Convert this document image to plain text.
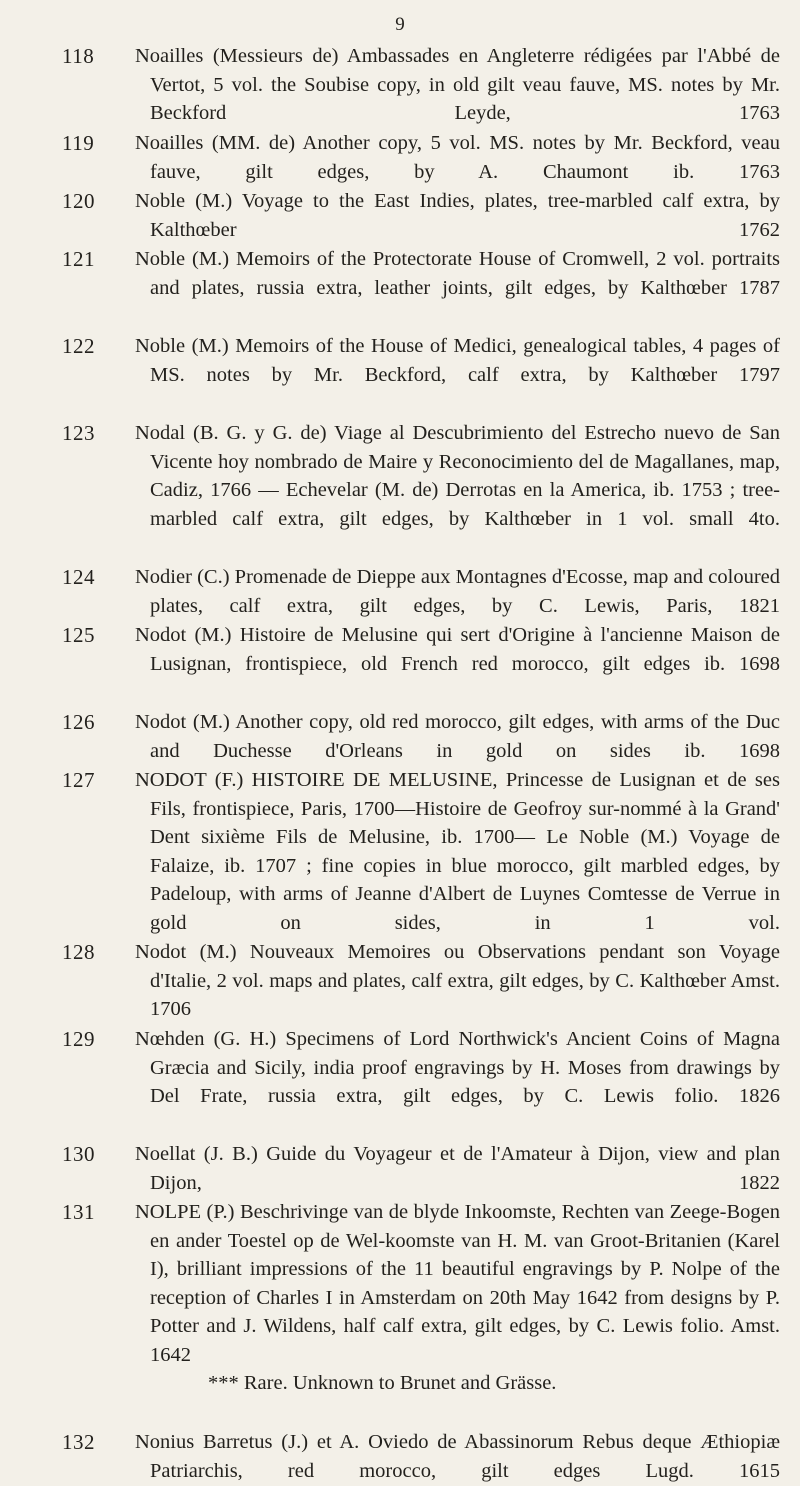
9
118 Noailles (Messieurs de) Ambassades en Angleterre rédigées par l'Abbé de Vertot, 5 vol. the Soubise copy, in old gilt veau fauve, MS. notes by Mr. Beckford Leyde, 1763
119 Noailles (MM. de) Another copy, 5 vol. MS. notes by Mr. Beckford, veau fauve, gilt edges, by A. Chaumont ib. 1763
120 Noble (M.) Voyage to the East Indies, plates, tree-marbled calf extra, by Kalthœber 1762
121 Noble (M.) Memoirs of the Protectorate House of Cromwell, 2 vol. portraits and plates, russia extra, leather joints, gilt edges, by Kalthœber 1787
122 Noble (M.) Memoirs of the House of Medici, genealogical tables, 4 pages of MS. notes by Mr. Beckford, calf extra, by Kalthœber 1797
123 Nodal (B. G. y G. de) Viage al Descubrimiento del Estrecho nuevo de San Vicente hoy nombrado de Maire y Reconocimiento del de Magallanes, map, Cadiz, 1766 — Echevelar (M. de) Derrotas en la America, ib. 1753 ; tree-marbled calf extra, gilt edges, by Kalthœber in 1 vol. small 4to.
124 Nodier (C.) Promenade de Dieppe aux Montagnes d'Ecosse, map and coloured plates, calf extra, gilt edges, by C. Lewis, Paris, 1821
125 Nodot (M.) Histoire de Melusine qui sert d'Origine à l'ancienne Maison de Lusignan, frontispiece, old French red morocco, gilt edges ib. 1698
126 Nodot (M.) Another copy, old red morocco, gilt edges, with arms of the Duc and Duchesse d'Orleans in gold on sides ib. 1698
127 NODOT (F.) HISTOIRE DE MELUSINE, Princesse de Lusignan et de ses Fils, frontispiece, Paris, 1700—Histoire de Geofroy sur-nommé à la Grand' Dent sixième Fils de Melusine, ib. 1700— Le Noble (M.) Voyage de Falaize, ib. 1707 ; fine copies in blue morocco, gilt marbled edges, by Padeloup, with arms of Jeanne d'Albert de Luynes Comtesse de Verrue in gold on sides, in 1 vol.
128 Nodot (M.) Nouveaux Memoires ou Observations pendant son Voyage d'Italie, 2 vol. maps and plates, calf extra, gilt edges, by C. Kalthœber Amst. 1706
129 Nœhden (G. H.) Specimens of Lord Northwick's Ancient Coins of Magna Græcia and Sicily, india proof engravings by H. Moses from drawings by Del Frate, russia extra, gilt edges, by C. Lewis folio. 1826
130 Noellat (J. B.) Guide du Voyageur et de l'Amateur à Dijon, view and plan Dijon, 1822
131 NOLPE (P.) Beschrivinge van de blyde Inkoomste, Rechten van Zeege-Bogen en ander Toestel op de Wel-koomste van H. M. van Groot-Britanien (Karel I), brilliant impressions of the 11 beautiful engravings by P. Nolpe of the reception of Charles I in Amsterdam on 20th May 1642 from designs by P. Potter and J. Wildens, half calf extra, gilt edges, by C. Lewis folio. Amst. 1642
*** Rare. Unknown to Brunet and Grässe.
132 Nonius Barretus (J.) et A. Oviedo de Abassinorum Rebus deque Æthiopiæ Patriarchis, red morocco, gilt edges Lugd. 1615
